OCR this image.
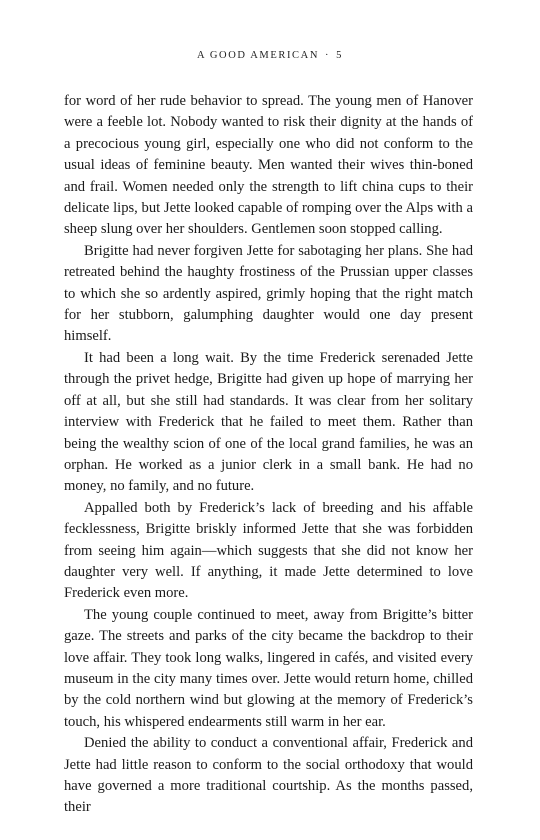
A GOOD AMERICAN · 5

for word of her rude behavior to spread. The young men of Hanover were a feeble lot. Nobody wanted to risk their dignity at the hands of a precocious young girl, especially one who did not conform to the usual ideas of feminine beauty. Men wanted their wives thin-boned and frail. Women needed only the strength to lift china cups to their delicate lips, but Jette looked capable of romping over the Alps with a sheep slung over her shoulders. Gentlemen soon stopped calling.

Brigitte had never forgiven Jette for sabotaging her plans. She had retreated behind the haughty frostiness of the Prussian upper classes to which she so ardently aspired, grimly hoping that the right match for her stubborn, galumphing daughter would one day present himself.

It had been a long wait. By the time Frederick serenaded Jette through the privet hedge, Brigitte had given up hope of marrying her off at all, but she still had standards. It was clear from her solitary interview with Frederick that he failed to meet them. Rather than being the wealthy scion of one of the local grand families, he was an orphan. He worked as a junior clerk in a small bank. He had no money, no family, and no future.

Appalled both by Frederick’s lack of breeding and his affable fecklessness, Brigitte briskly informed Jette that she was forbidden from seeing him again—which suggests that she did not know her daughter very well. If anything, it made Jette determined to love Frederick even more.

The young couple continued to meet, away from Brigitte’s bitter gaze. The streets and parks of the city became the backdrop to their love affair. They took long walks, lingered in cafés, and visited every museum in the city many times over. Jette would return home, chilled by the cold northern wind but glowing at the memory of Frederick’s touch, his whispered endearments still warm in her ear.

Denied the ability to conduct a conventional affair, Frederick and Jette had little reason to conform to the social orthodoxy that would have governed a more traditional courtship. As the months passed, their
